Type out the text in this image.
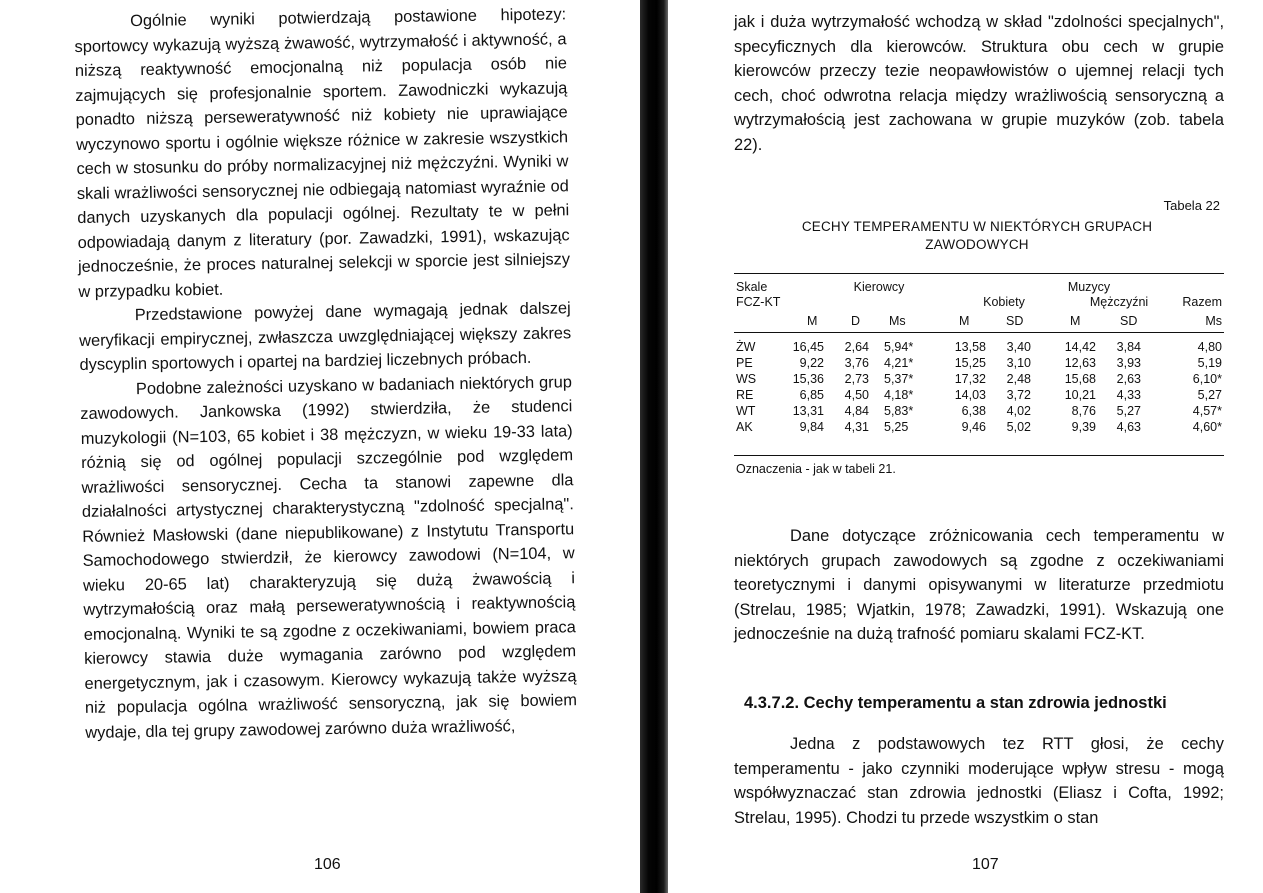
Ogólnie wyniki potwierdzają postawione hipotezy: sportowcy wykazują wyższą żwawość, wytrzymałość i aktywność, a niższą reaktywność emocjonalną niż populacja osób nie zajmujących się profesjonalnie sportem. Zawodniczki wykazują ponadto niższą perseweratywność niż kobiety nie uprawiające wyczynowo sportu i ogólnie większe różnice w zakresie wszystkich cech w stosunku do próby normalizacyjnej niż mężczyźni. Wyniki w skali wrażliwości sensorycznej nie odbiegają natomiast wyraźnie od danych uzyskanych dla populacji ogólnej. Rezultaty te w pełni odpowiadają danym z literatury (por. Zawadzki, 1991), wskazując jednocześnie, że proces naturalnej selekcji w sporcie jest silniejszy w przypadku kobiet.

Przedstawione powyżej dane wymagają jednak dalszej weryfikacji empirycznej, zwłaszcza uwzględniającej większy zakres dyscyplin sportowych i opartej na bardziej liczebnych próbach.

Podobne zależności uzyskano w badaniach niektórych grup zawodowych. Jankowska (1992) stwierdziła, że studenci muzykologii (N=103, 65 kobiet i 38 mężczyzn, w wieku 19-33 lata) różnią się od ogólnej populacji szczególnie pod względem wrażliwości sensorycznej. Cecha ta stanowi zapewne dla działalności artystycznej charakterystyczną "zdolność specjalną". Również Masłowski (dane niepublikowane) z Instytutu Transportu Samochodowego stwierdził, że kierowcy zawodowi (N=104, w wieku 20-65 lat) charakteryzują się dużą żwawością i wytrzymałością oraz małą perseweratywnością i reaktywnością emocjonalną. Wyniki te są zgodne z oczekiwaniami, bowiem praca kierowcy stawia duże wymagania zarówno pod względem energetycznym, jak i czasowym. Kierowcy wykazują także wyższą niż populacja ogólna wrażliwość sensoryczną, jak się bowiem wydaje, dla tej grupy zawodowej zarówno duża wrażliwość,

106

jak i duża wytrzymałość wchodzą w skład "zdolności specjalnych", specyficznych dla kierowców. Struktura obu cech w grupie kierowców przeczy tezie neopawłowistów o ujemnej relacji tych cech, choć odwrotna relacja między wrażliwością sensoryczną a wytrzymałością jest zachowana w grupie muzyków (zob. tabela 22).

Tabela 22
CECHY TEMPERAMENTU W NIEKTÓRYCH GRUPACH
ZAWODOWYCH
Skale
FCZ-KT
Kierowcy	Muzycy
Kobiety	Mężczyźni	Razem
M	D Ms	M	SD	M	SD	Ms
ŻW	16,45	2,64 5,94*	13,58	3,40	14,42	3,84	4,80
PE	9,22	3,76 4,21*	15,25	3,10	12,63	3,93	5,19
WS	15,36	2,73 5,37*	17,32	2,48	15,68	2,63	6,10*
RE	6,85	4,50 4,18*	14,03	3,72	10,21	4,33	5,27
WT	13,31	4,84 5,83*	6,38	4,02	8,76	5,27	4,57*
AK	9,84	4,31 5,25	9,46	5,02	9,39	4,63	4,60*
Oznaczenia - jak w tabeli 21.

Dane dotyczące zróżnicowania cech temperamentu w niektórych grupach zawodowych są zgodne z oczekiwaniami teoretycznymi i danymi opisywanymi w literaturze przedmiotu (Strelau, 1985; Wjatkin, 1978; Zawadzki, 1991). Wskazują one jednocześnie na dużą trafność pomiaru skalami FCZ-KT.

4.3.7.2. Cechy temperamentu a stan zdrowia jednostki

Jedna z podstawowych tez RTT głosi, że cechy temperamentu - jako czynniki moderujące wpływ stresu - mogą współwyznaczać stan zdrowia jednostki (Eliasz i Cofta, 1992; Strelau, 1995). Chodzi tu przede wszystkim o stan

107
